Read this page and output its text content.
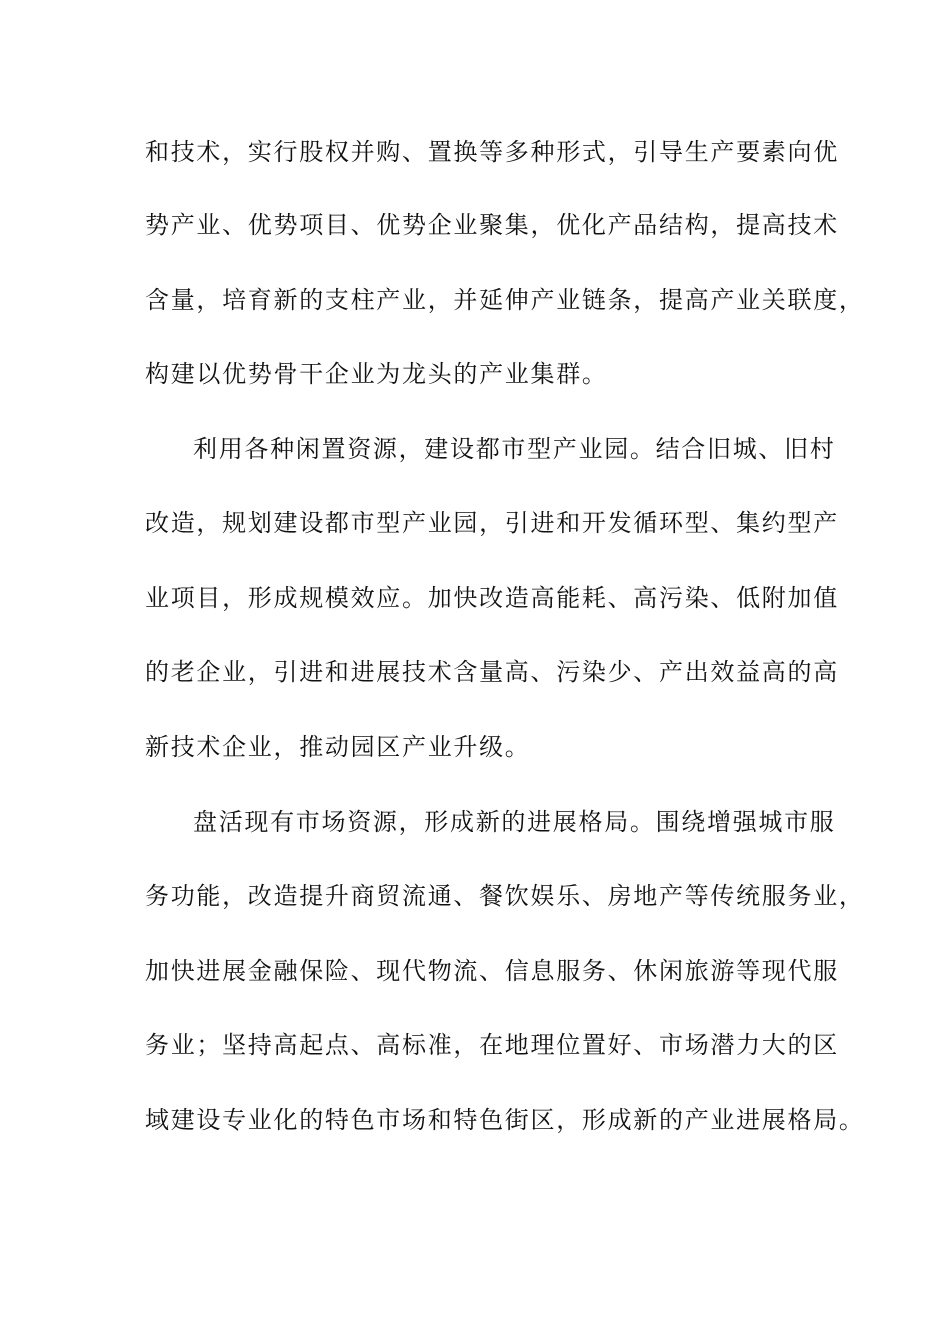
和技术，实行股权并购、置换等多种形式，引导生产要素向优
势产业、优势项目、优势企业聚集，优化产品结构，提高技术
含量，培育新的支柱产业，并延伸产业链条，提高产业关联度，
构建以优势骨干企业为龙头的产业集群。
利用各种闲置资源，建设都市型产业园。结合旧城、旧村
改造，规划建设都市型产业园，引进和开发循环型、集约型产
业项目，形成规模效应。加快改造高能耗、高污染、低附加值
的老企业，引进和进展技术含量高、污染少、产出效益高的高
新技术企业，推动园区产业升级。
盘活现有市场资源，形成新的进展格局。围绕增强城市服
务功能，改造提升商贸流通、餐饮娱乐、房地产等传统服务业，
加快进展金融保险、现代物流、信息服务、休闲旅游等现代服
务业；坚持高起点、高标准，在地理位置好、市场潜力大的区
域建设专业化的特色市场和特色街区，形成新的产业进展格局。
